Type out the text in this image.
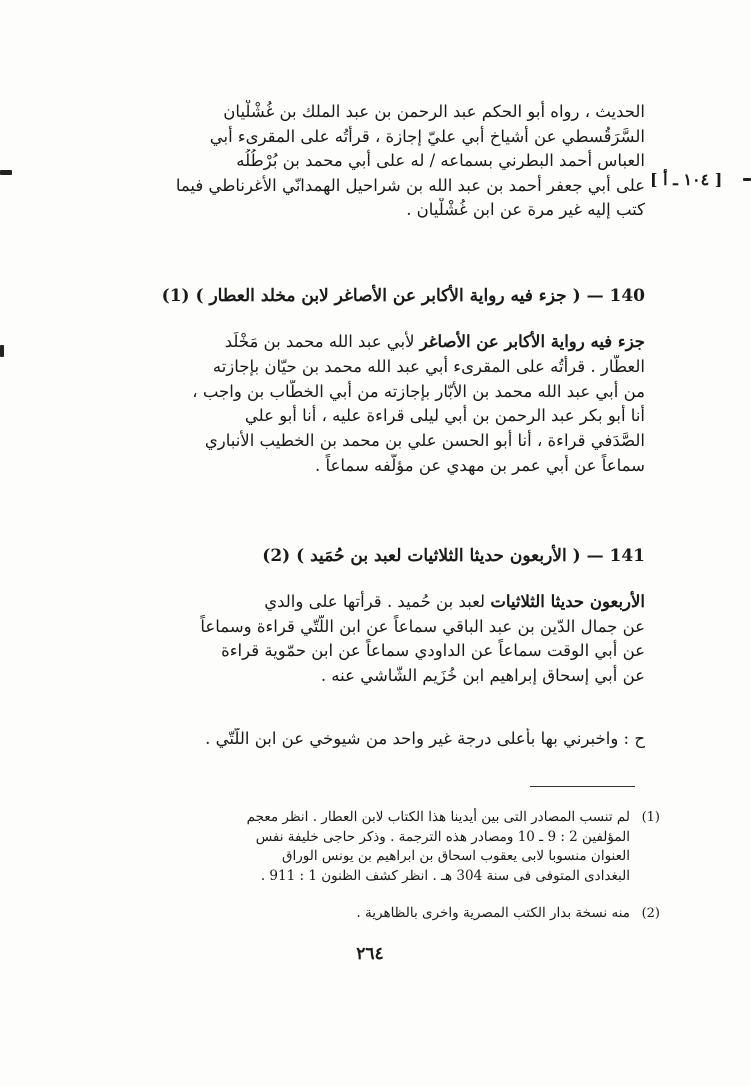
الحديث ، رواه أبو الحكم عبد الرحمن بن عبد الملك بن غُشْلْيان
السَّرَقُسطي عن أشياخ أبي عليّ إجازة ، قرأتُه على المقرىء أبي
العباس أحمد البطرني بسماعه / له على أبي محمد بن بُرْطُلُه
على أبي جعفر أحمد بن عبد الله بن شراحيل الهمدانّي الأغرناطي فيما
كتب إليه غير مرة عن ابن غُشْلْيان .
[ ١٠٤ ـ أ ]
140 — ( جزء فيه رواية الأكابر عن الأصاغر لابن مخلد العطار ) (1)
جزء فيه رواية الأكابر عن الأصاغر لأبي عبد الله محمد بن مَخْلَد
العطّار . قرأتُه على المقرىء أبي عبد الله محمد بن حيّان بإجازته
من أبي عبد الله محمد بن الأبّار بإجازته من أبي الخطّاب بن واجب ،
أنا أبو بكر عبد الرحمن بن أبي ليلى قراءة عليه ، أنا أبو علي
الصَّدَفي قراءة ، أنا أبو الحسن علي بن محمد بن الخطيب الأنباري
سماعاً عن أبي عمر بن مهدي عن مؤلّفه سماعاً .
141 — ( الأربعون حديثا الثلاثيات لعبد بن حُمَيد ) (2)
الأربعون حديثا الثلاثيات لعبد بن حُميد . قرأتها على والدي
عن جمال الدّين بن عبد الباقي سماعاً عن ابن اللّتّي قراءة وسماعاً
عن أبي الوقت سماعاً عن الداودي سماعاً عن ابن حمّوية قراءة
عن أبي إسحاق إبراهيم ابن خُزَيم الشّاشي عنه .
ح : واخبرني بها بأعلى درجة غير واحد من شيوخي عن ابن اللّتّي .
(1)
لم تنسب المصادر التى بين أيدينا هذا الكتاب لابن العطار . انظر معجم
المؤلفين 2 : 9 ـ 10 ومصادر هذه الترجمة . وذكر حاجى خليفة نفس
العنوان منسوبا لابى يعقوب اسحاق بن ابراهيم بن يونس الوراق
البغدادى المتوفى فى سنة 304 هـ . انظر كشف الظنون 1 : 911 .
(2)
منه نسخة بدار الكتب المصرية واخرى بالظاهرية .
٢٦٤
